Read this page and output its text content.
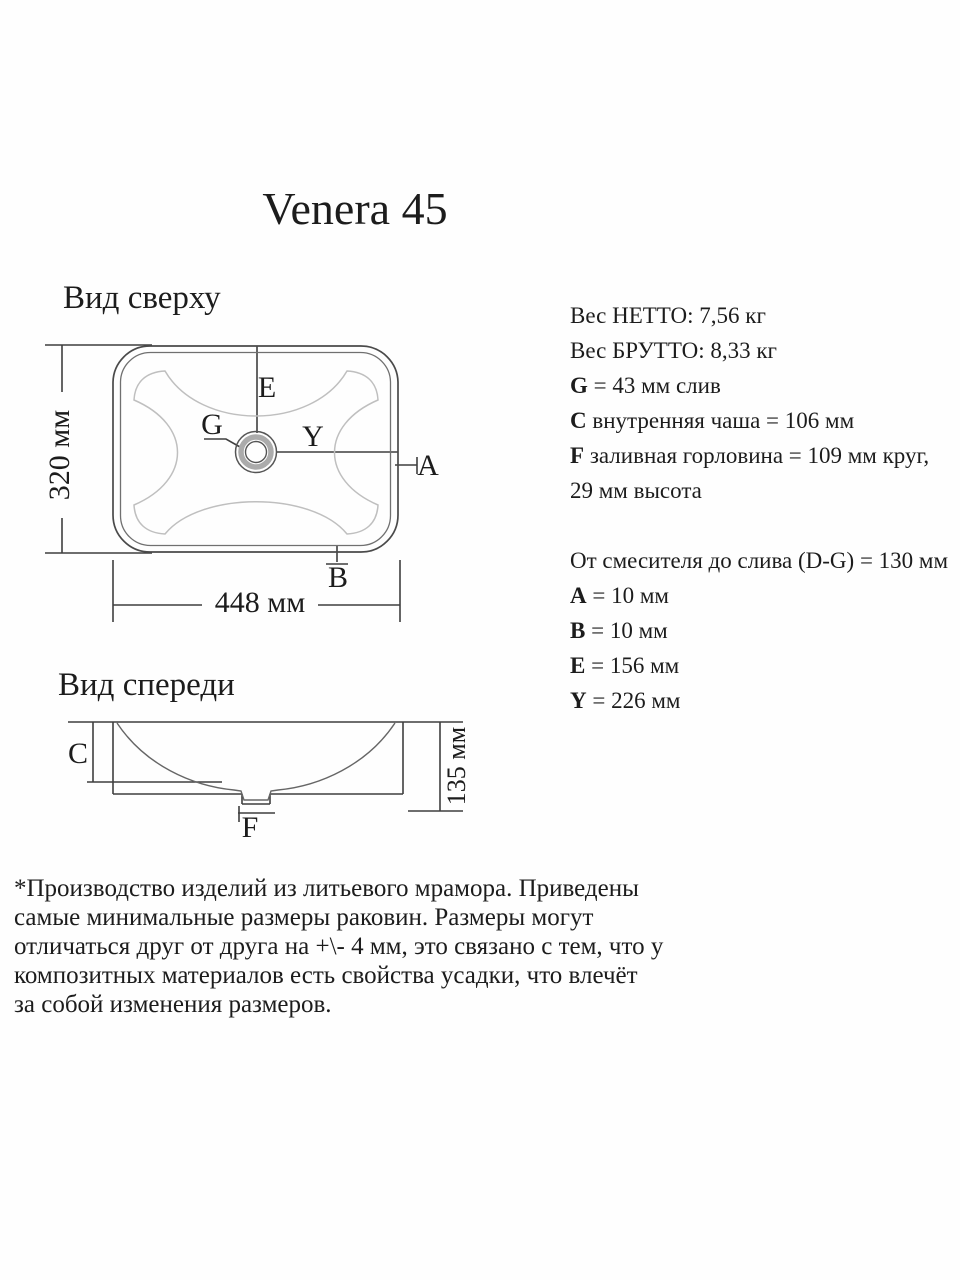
Venera 45
Вид сверху
Вид спереди
E
G	Y
A
B
320 мм
448 мм
C
F
135 мм
Вес НЕТТО: 7,56 кг
Вес БРУТТО: 8,33 кг
G = 43 мм слив
C внутренняя чаша = 106 мм
F заливная горловина = 109 мм круг,
29 мм высота
От смесителя до слива (D-G) = 130 мм
A = 10 мм
B = 10 мм
E = 156 мм
Y = 226 мм
*Производство изделий из литьевого мрамора. Приведены
самые минимальные размеры раковин. Размеры могут
отличаться друг от друга на +\- 4 мм, это связано с тем, что у
композитных материалов есть свойства усадки, что влечёт
за собой изменения размеров.
